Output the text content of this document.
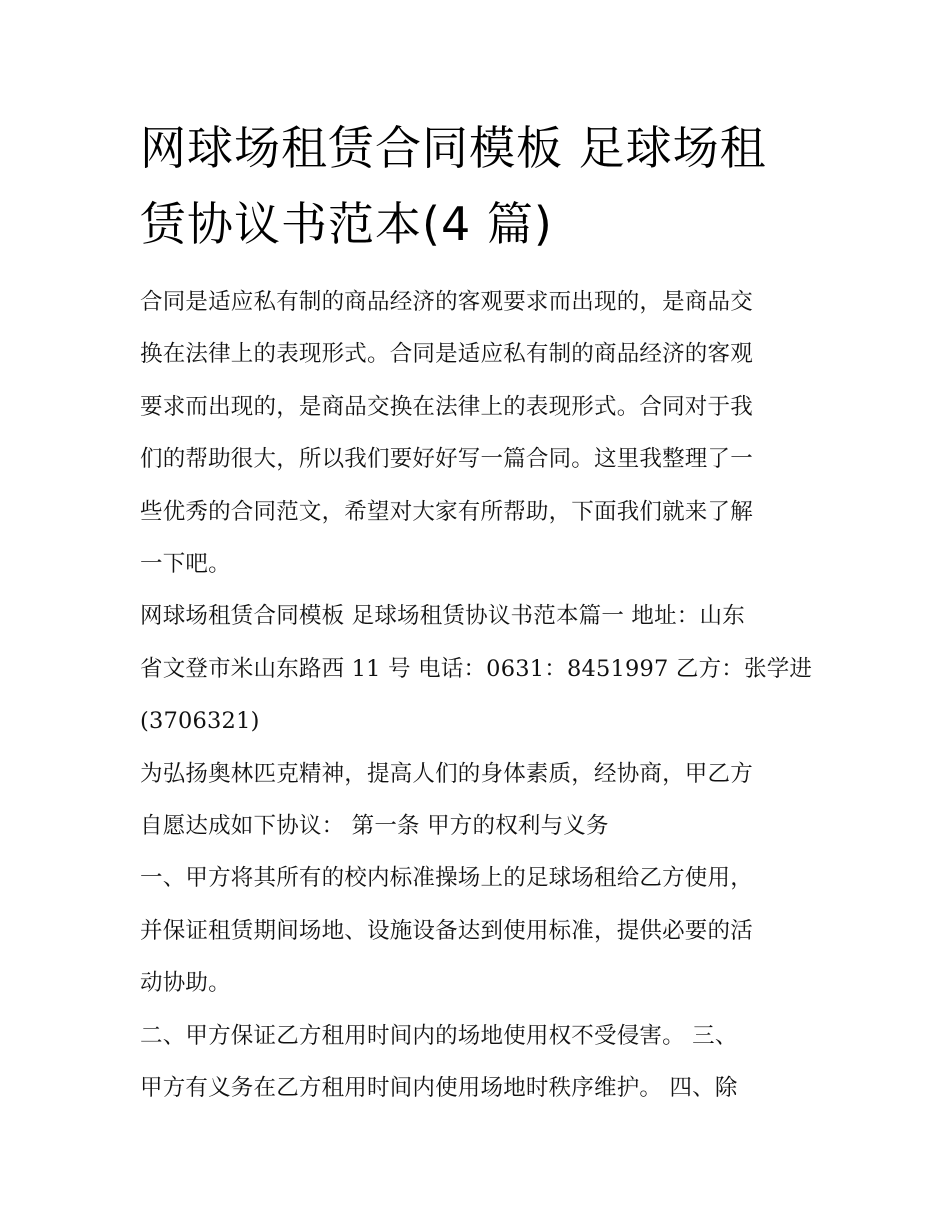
网球场租赁合同模板 足球场租
赁协议书范本(4 篇)

合同是适应私有制的商品经济的客观要求而出现的，是商品交
换在法律上的表现形式。合同是适应私有制的商品经济的客观
要求而出现的，是商品交换在法律上的表现形式。合同对于我
们的帮助很大，所以我们要好好写一篇合同。这里我整理了一
些优秀的合同范文，希望对大家有所帮助，下面我们就来了解
一下吧。

网球场租赁合同模板 足球场租赁协议书范本篇一 地址：山东
省文登市米山东路西 11 号 电话：0631：8451997 乙方：张学进
(3706321)

为弘扬奥林匹克精神，提高人们的身体素质，经协商，甲乙方
自愿达成如下协议： 第一条 甲方的权利与义务

一、甲方将其所有的校内标准操场上的足球场租给乙方使用，
并保证租赁期间场地、设施设备达到使用标准，提供必要的活
动协助。

二、甲方保证乙方租用时间内的场地使用权不受侵害。 三、
甲方有义务在乙方租用时间内使用场地时秩序维护。 四、除
